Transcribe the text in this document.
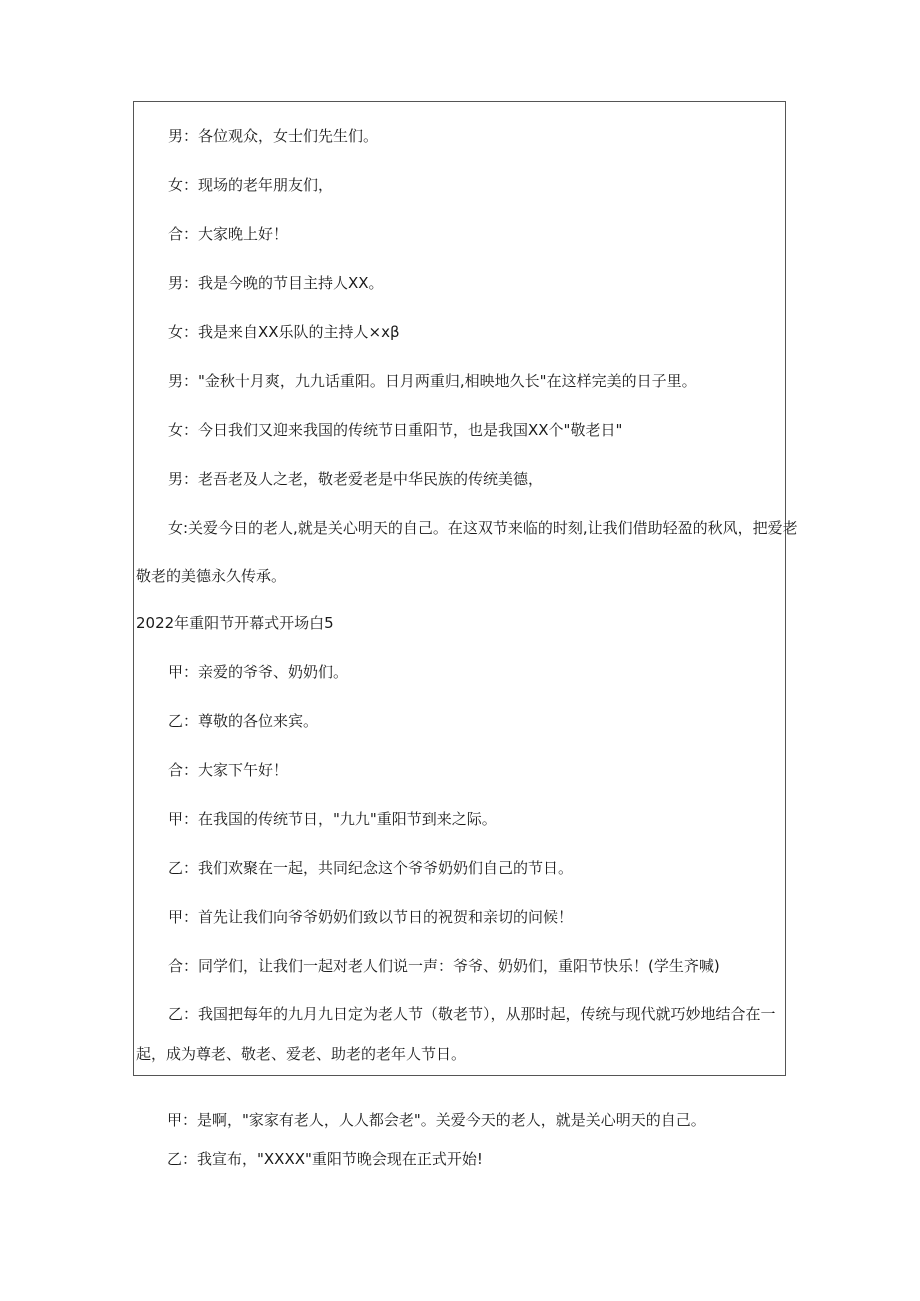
男：各位观众，女士们先生们。
女：现场的老年朋友们，
合：大家晚上好！
男：我是今晚的节目主持人XX。
女：我是来自XX乐队的主持人×xβ
男："金秋十月爽，九九话重阳。日月两重归,相映地久长"在这样完美的日子里。
女：今日我们又迎来我国的传统节日重阳节，也是我国XX个"敬老日"
男：老吾老及人之老，敬老爱老是中华民族的传统美德，
女:关爱今日的老人,就是关心明天的自己。在这双节来临的时刻,让我们借助轻盈的秋风，把爱老
敬老的美德永久传承。
2022年重阳节开幕式开场白5
甲：亲爱的爷爷、奶奶们。
乙：尊敬的各位来宾。
合：大家下午好！
甲：在我国的传统节日，"九九"重阳节到来之际。
乙：我们欢聚在一起，共同纪念这个爷爷奶奶们自己的节日。
甲：首先让我们向爷爷奶奶们致以节日的祝贺和亲切的问候！
合：同学们，让我们一起对老人们说一声：爷爷、奶奶们，重阳节快乐！(学生齐喊)
乙：我国把每年的九月九日定为老人节（敬老节），从那时起，传统与现代就巧妙地结合在一
起，成为尊老、敬老、爱老、助老的老年人节日。
甲：是啊，"家家有老人，人人都会老"。关爱今天的老人，就是关心明天的自己。
乙：我宣布，"XXXX"重阳节晚会现在正式开始!
